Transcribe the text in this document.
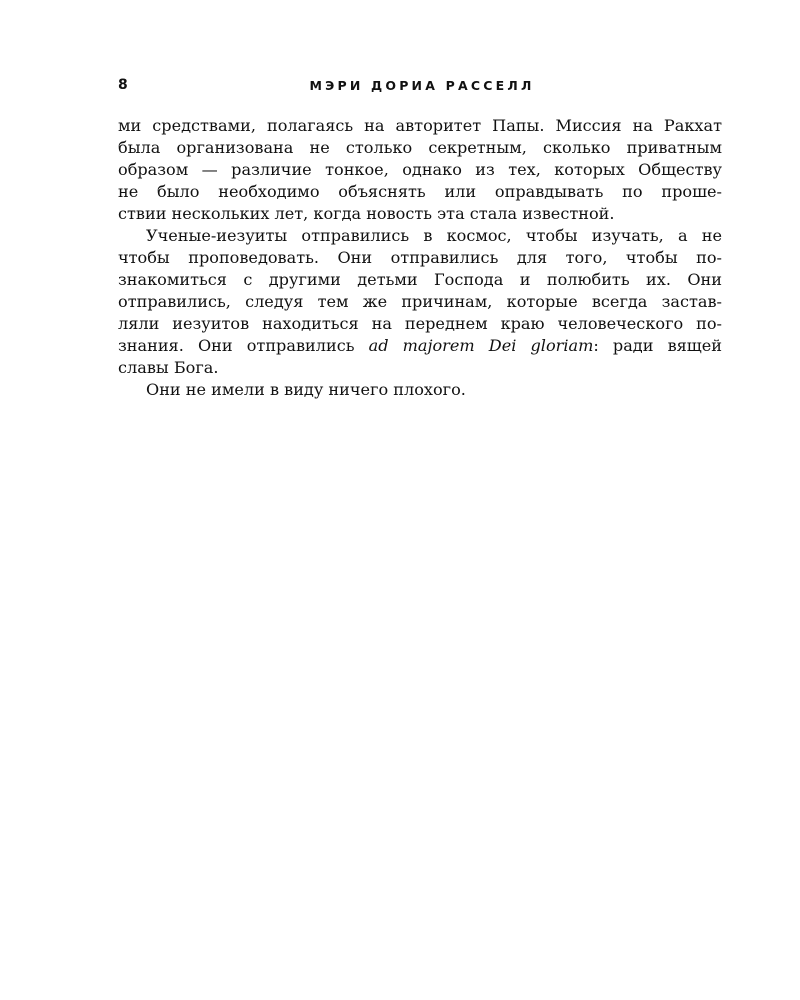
8	МЭРИ ДОРИА РАССЕЛЛ
ми средствами, полагаясь на авторитет Папы. Миссия на Ракхат
была организована не столько секретным, сколько приватным
образом — различие тонкое, однако из тех, которых Обществу
не было необходимо объяснять или оправдывать по проше-
ствии нескольких лет, когда новость эта стала известной.
Ученые-иезуиты отправились в космос, чтобы изучать, а не
чтобы проповедовать. Они отправились для того, чтобы по-
знакомиться с другими детьми Господа и полюбить их. Они
отправились, следуя тем же причинам, которые всегда застав-
ляли иезуитов находиться на переднем краю человеческого по-
знания. Они отправились ad majorem Dei gloriam: ради вящей
славы Бога.
Они не имели в виду ничего плохого.
